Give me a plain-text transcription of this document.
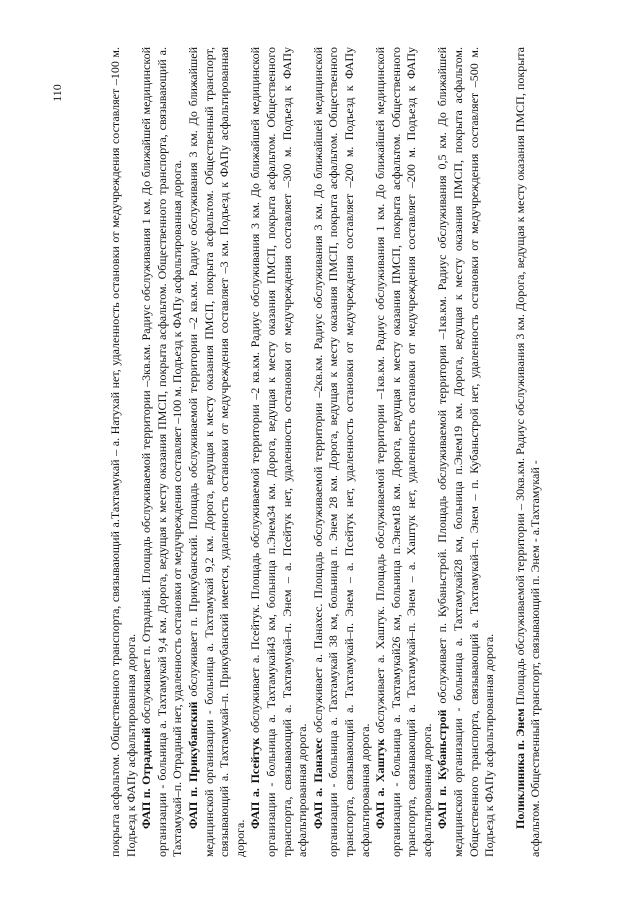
110	покрыта асфальтом. Общественного транспорта, связывающий а.Тахтамукай – а. Натухай нет, удаленность остановки от медучреждения составляет –100 м. Подъезд к ФАПу асфальтированная дорога. ФАП п. Отрадный обслуживает п. Отрадный. Площадь обслуживаемой территории –3кв.км. Радиус обслуживания 1 км. До ближайшей медицинской организации - больница а. Тахтамукай 9,4 км. Дорога, ведущая к месту оказания ПМСП, покрыта асфальтом. Общественного транспорта, связывающий а. Тахтамукай–п. Отрадный нет, удаленность остановки от медучреждения составляет –100 м. Подъезд к ФАПу асфальтированная дорога. ФАП п. Прикубанский обслуживает п. Прикубанский. Площадь обслуживаемой территории –2 кв.км. Радиус обслуживания 3 км. До ближайшей медицинской организации - больница а. Тахтамукай 9,2 км. Дорога, ведущая к месту оказания ПМСП, покрыта асфальтом. Общественный транспорт, связывающий а. Тахтамукай–п. Прикубанский имеется, удаленность остановки от медучреждения составляет –3 км. Подъезд к ФАПу асфальтированная дорога.

ФАП а. Псейтук обслуживает а. Псейтук. Площадь обслуживаемой территории –2 кв.км. Радиус обслуживания 3 км. До ближайшей медицинской организации - больница а. Тахтамукай43 км, больница п.Энем34 км. Дорога, ведущая к месту оказания ПМСП, покрыта асфальтом. Общественного транспорта, связывающий а. Тахтамукай–п. Энем – а. Псейтук нет, удаленность остановки от медучреждения составляет –300 м. Подъезд к ФАПу асфальтированная дорога. ФАП а. Панахес обслуживает а. Панахес. Площадь обслуживаемой территории –2кв.км. Радиус обслуживания 3 км. До ближайшей медицинской организации - больница а. Тахтамукай 38 км, больница п. Энем 28 км. Дорога, ведущая к месту оказания ПМСП, покрыта асфальтом. Общественного транспорта, связывающий а. Тахтамукай–п. Энем – а. Псейтук нет, удаленность остановки от медучреждения составляет –200 м. Подъезд к ФАПу асфальтированная дорога. ФАП а. Хаштук обслуживает а. Хаштук. Площадь обслуживаемой территории –1кв.км. Радиус обслуживания 1 км. До ближайшей медицинской организации - больница а. Тахтамукай26 км, больница п.Энем18 км. Дорога, ведущая к месту оказания ПМСП, покрыта асфальтом. Общественного транспорта, связывающий а. Тахтамукай–п. Энем – а. Хаштук нет, удаленность остановки от медучреждения составляет –200 м. Подъезд к ФАПу асфальтированная дорога. ФАП п. Кубаньстрой обслуживает п. Кубаньстрой. Площадь обслуживаемой территории –1кв.км. Радиус обслуживания 0,5 км. До ближайшей медицинской организации - больница а. Тахтамукай28 км, больница п.Энем19 км. Дорога, ведущая к месту оказания ПМСП, покрыта асфальтом. Общественного транспорта, связывающий а. Тахтамукай–п. Энем – п. Кубаньстрой нет, удаленность остановки от медучреждения составляет –500 м. Подъезд к ФАПу асфальтированная дорога. Поликлиника п. Энем Площадь обслуживаемой территории – 30кв.км. Радиус обслуживания 3 км. Дорога, ведущая к месту оказания ПМСП, покрыта асфальтом. Общественный транспорт, связывающий п. Энем - а.Тахтамукай -
